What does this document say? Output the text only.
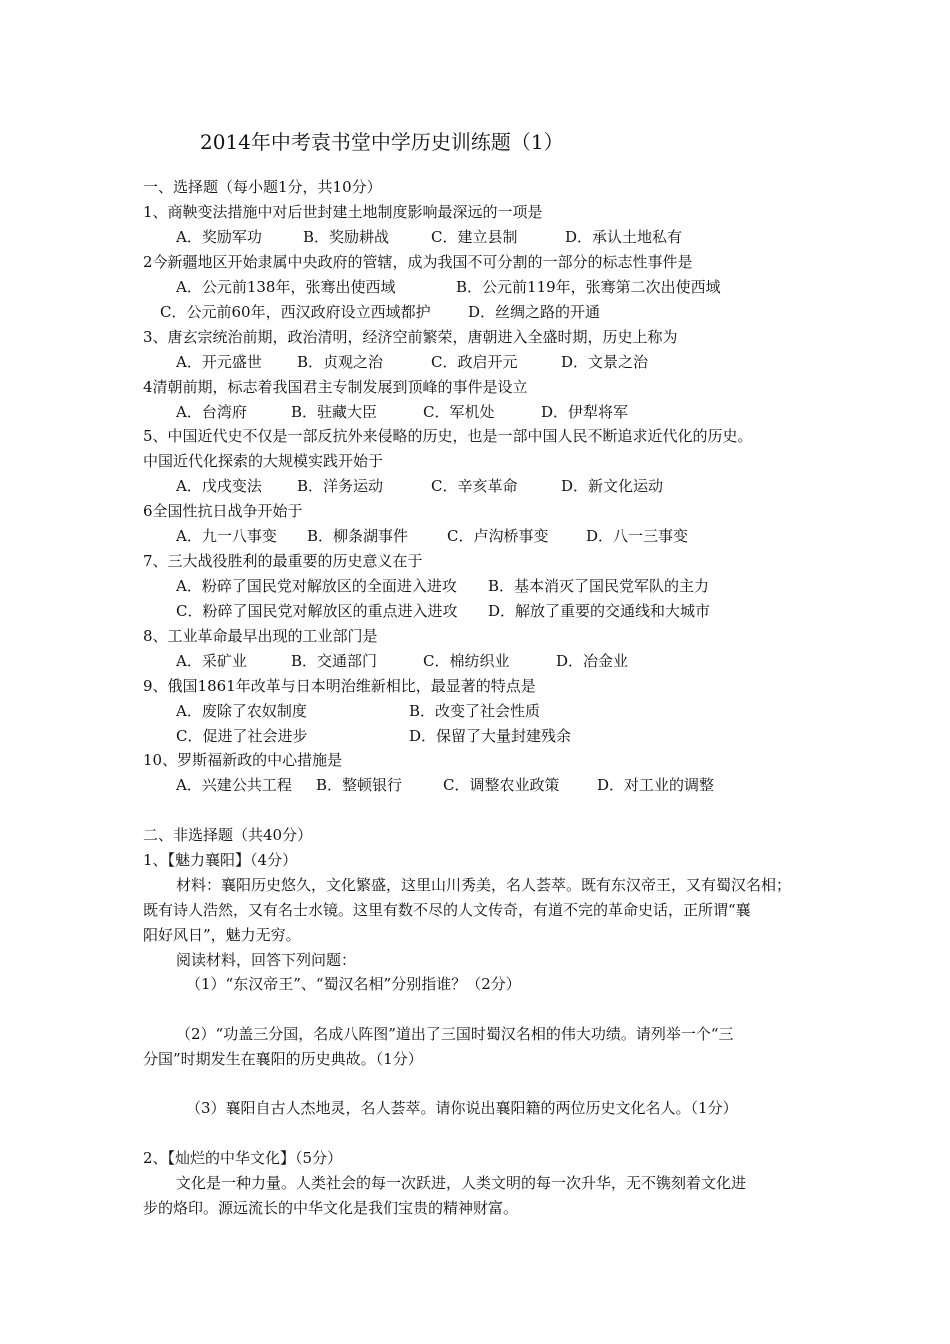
2014年中考袁书堂中学历史训练题（1）
一、选择题（每小题1分，共10分）
1、商鞅变法措施中对后世封建土地制度影响最深远的一项是
A．奖励军功	B．奖励耕战	C．建立县制	D．承认土地私有
2今新疆地区开始隶属中央政府的管辖，成为我国不可分割的一部分的标志性事件是
A．公元前138年，张骞出使西域	B．公元前119年，张骞第二次出使西域
C．公元前60年，西汉政府设立西域都护 D．丝绸之路的开通
3、唐玄宗统治前期，政治清明，经济空前繁荣，唐朝进入全盛时期，历史上称为
A．开元盛世 B．贞观之治	C．政启开元	D．文景之治
4清朝前期，标志着我国君主专制发展到顶峰的事件是设立
A．台湾府	B．驻藏大臣	C．军机处	D．伊犁将军
5、中国近代史不仅是一部反抗外来侵略的历史，也是一部中国人民不断追求近代化的历史。
中国近代化探索的大规模实践开始于
A．戊戌变法 B．洋务运动	C．辛亥革命	D．新文化运动
6全国性抗日战争开始于
A．九一八事变 B．柳条湖事件	C．卢沟桥事变	D．八一三事变
7、三大战役胜利的最重要的历史意义在于
A．粉碎了国民党对解放区的全面进入进攻 B．基本消灭了国民党军队的主力
C．粉碎了国民党对解放区的重点进入进攻 D．解放了重要的交通线和大城市
8、工业革命最早出现的工业部门是
A．采矿业	B．交通部门	C．棉纺织业	D．冶金业
9、俄国1861年改革与日本明治维新相比，最显著的特点是
A．废除了农奴制度	B．改变了社会性质
C．促进了社会进步	D．保留了大量封建残余
10、罗斯福新政的中心措施是
A．兴建公共工程 B．整顿银行	C．调整农业政策	D．对工业的调整
二、非选择题（共40分）
1、【魅力襄阳】（4分）
材料：襄阳历史悠久，文化繁盛，这里山川秀美，名人荟萃。既有东汉帝王，又有蜀汉名相；
既有诗人浩然，又有名士水镜。这里有数不尽的人文传奇，有道不完的革命史话，正所谓“襄
阳好风日”，魅力无穷。
阅读材料，回答下列问题：
（1）“东汉帝王”、“蜀汉名相”分别指谁？（2分）
（2）“功盖三分国，名成八阵图”道出了三国时蜀汉名相的伟大功绩。请列举一个“三
分国”时期发生在襄阳的历史典故。（1分）
（3）襄阳自古人杰地灵，名人荟萃。请你说出襄阳籍的两位历史文化名人。（1分）
2、【灿烂的中华文化】（5分）
文化是一种力量。人类社会的每一次跃进，人类文明的每一次升华，无不镌刻着文化进
步的烙印。源远流长的中华文化是我们宝贵的精神财富。
